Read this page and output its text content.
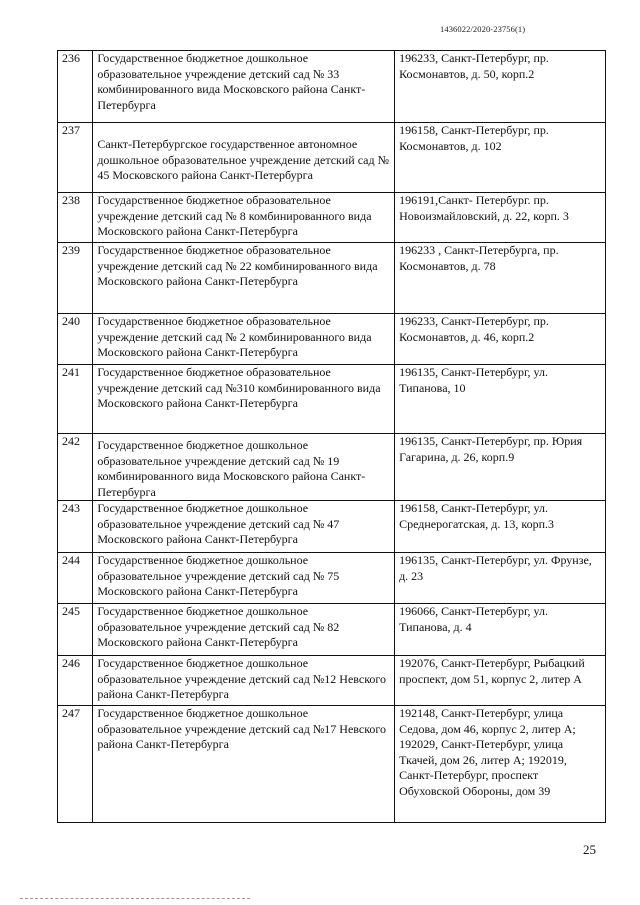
1436022/2020-23756(1)
236	Государственное бюджетное дошкольное образовательное учреждение детский сад № 33 комбинированного вида Московского района Санкт-Петербурга	196233, Санкт-Петербург, пр. Космонавтов, д. 50, корп.2
237	Санкт-Петербургское государственное автономное дошкольное образовательное учреждение детский сад № 45 Московского района Санкт-Петербурга	196158, Санкт-Петербург, пр. Космонавтов, д. 102
238	Государственное бюджетное образовательное учреждение детский сад № 8 комбинированного вида Московского района Санкт-Петербурга	196191,Санкт- Петербург. пр. Новоизмайловский, д. 22, корп. 3
239	Государственное бюджетное образовательное учреждение детский сад № 22 комбинированного вида Московского района Санкт-Петербурга	196233 , Санкт-Петербурга, пр. Космонавтов, д. 78
240	Государственное бюджетное образовательное учреждение детский сад № 2 комбинированного вида Московского района Санкт-Петербурга	196233, Санкт-Петербург, пр. Космонавтов, д. 46, корп.2
241	Государственное бюджетное образовательное учреждение детский сад №310 комбинированного вида Московского района Санкт-Петербурга	196135, Санкт-Петербург, ул. Типанова, 10
242	Государственное бюджетное дошкольное образовательное учреждение детский сад № 19 комбинированного вида Московского района Санкт-Петербурга	196135, Санкт-Петербург, пр. Юрия Гагарина, д. 26, корп.9
243	Государственное бюджетное дошкольное образовательное учреждение детский сад № 47 Московского района Санкт-Петербурга	196158, Санкт-Петербург, ул. Среднерогатская, д. 13, корп.3
244	Государственное бюджетное дошкольное образовательное учреждение детский сад № 75 Московского района Санкт-Петербурга	196135, Санкт-Петербург, ул. Фрунзе, д. 23
245	Государственное бюджетное дошкольное образовательное учреждение детский сад № 82 Московского района Санкт-Петербурга	196066, Санкт-Петербург, ул. Типанова, д. 4
246	Государственное бюджетное дошкольное образовательное учреждение детский сад №12 Невского района Санкт-Петербурга	192076, Санкт-Петербург, Рыбацкий проспект, дом 51, корпус 2, литер А
247	Государственное бюджетное дошкольное образовательное учреждение детский сад №17 Невского района Санкт-Петербурга	192148, Санкт-Петербург, улица Седова, дом 46, корпус 2, литер А; 192029, Санкт-Петербург, улица Ткачей, дом 26, литер А; 192019, Санкт-Петербург, проспект Обуховской Обороны, дом 39
25
